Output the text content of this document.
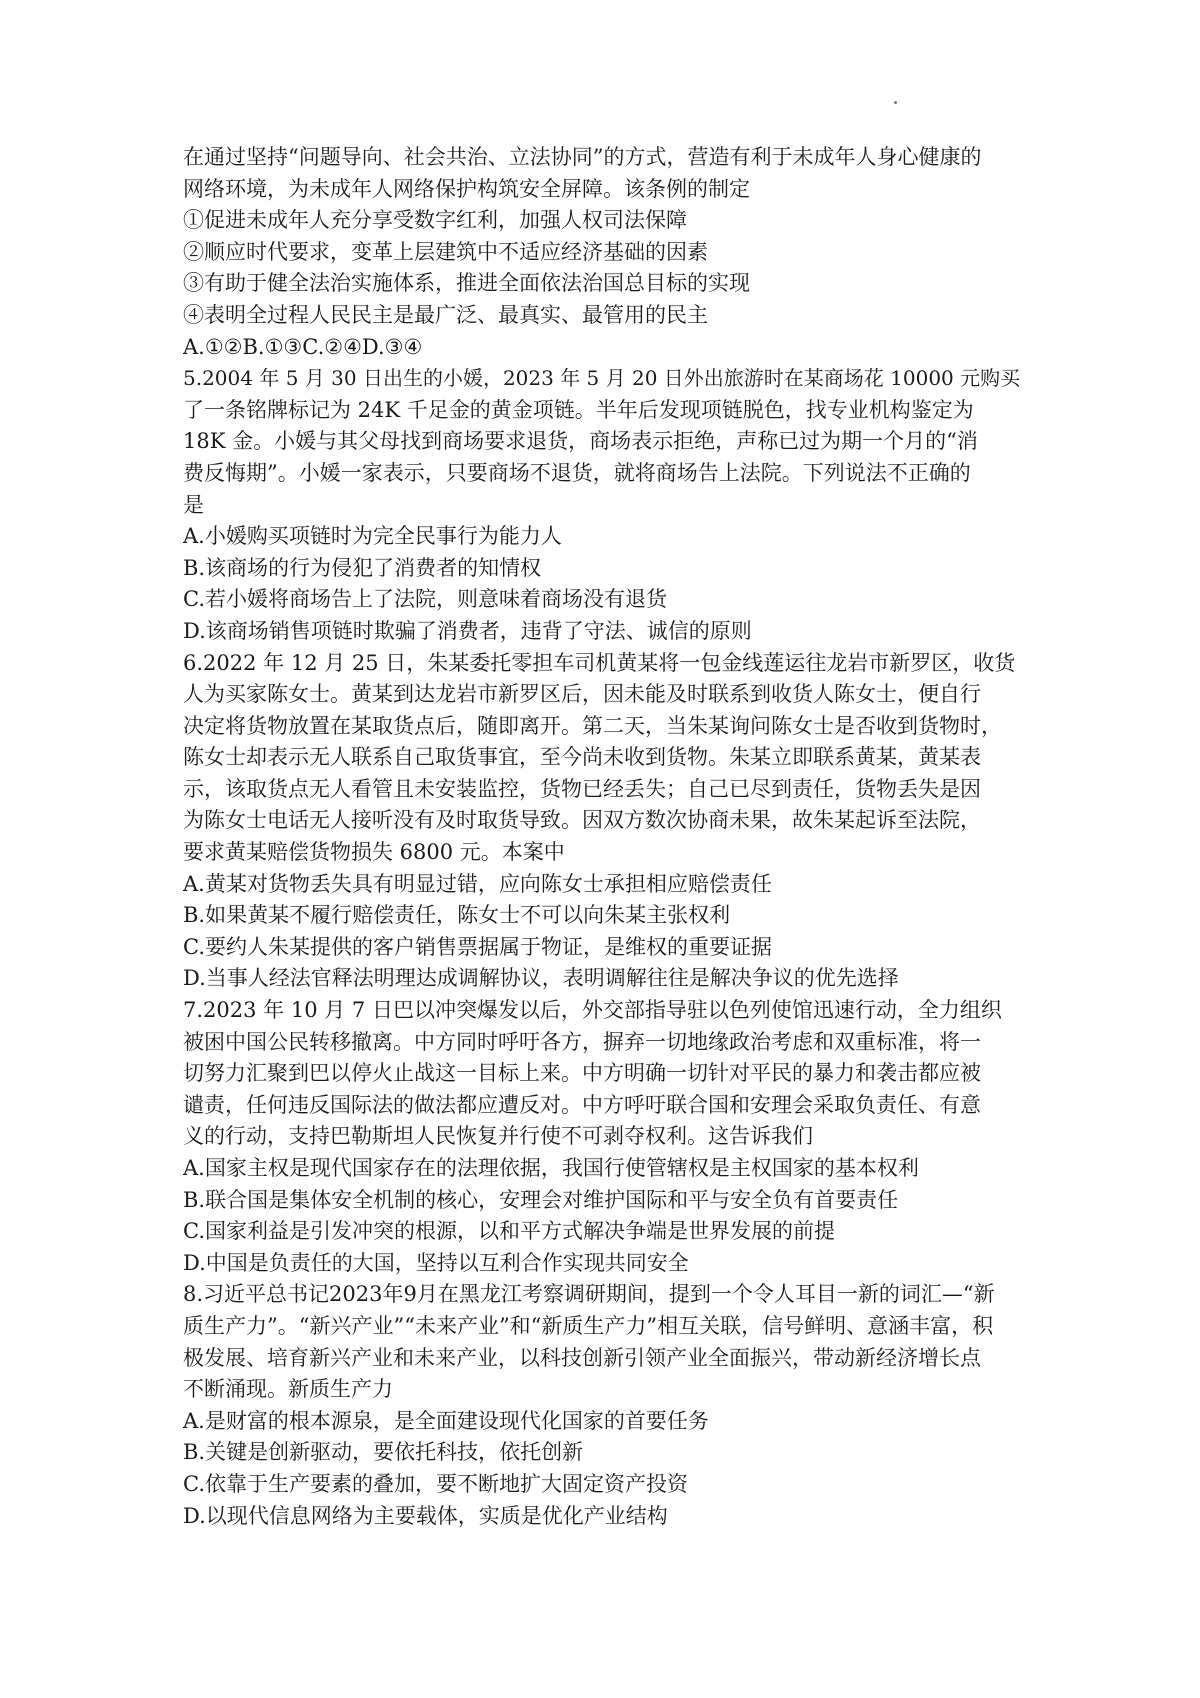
在通过坚持“问题导向、社会共治、立法协同”的方式，营造有利于未成年人身心健康的
网络环境，为未成年人网络保护构筑安全屏障。该条例的制定
①促进未成年人充分享受数字红利，加强人权司法保障
②顺应时代要求，变革上层建筑中不适应经济基础的因素
③有助于健全法治实施体系，推进全面依法治国总目标的实现
④表明全过程人民民主是最广泛、最真实、最管用的民主
A.①②B.①③C.②④D.③④
5.2004 年 5 月 30 日出生的小媛，2023 年 5 月 20 日外出旅游时在某商场花 10000 元购买
了一条铭牌标记为 24K 千足金的黄金项链。半年后发现项链脱色，找专业机构鉴定为
18K 金。小媛与其父母找到商场要求退货，商场表示拒绝，声称已过为期一个月的“消
费反悔期”。小媛一家表示，只要商场不退货，就将商场告上法院。下列说法不正确的
是
A.小媛购买项链时为完全民事行为能力人
B.该商场的行为侵犯了消费者的知情权
C.若小媛将商场告上了法院，则意味着商场没有退货
D.该商场销售项链时欺骗了消费者，违背了守法、诚信的原则
6.2022 年 12 月 25 日，朱某委托零担车司机黄某将一包金线莲运往龙岩市新罗区，收货
人为买家陈女士。黄某到达龙岩市新罗区后，因未能及时联系到收货人陈女士，便自行
决定将货物放置在某取货点后，随即离开。第二天，当朱某询问陈女士是否收到货物时，
陈女士却表示无人联系自己取货事宜，至今尚未收到货物。朱某立即联系黄某，黄某表
示，该取货点无人看管且未安装监控，货物已经丢失；自己已尽到责任，货物丢失是因
为陈女士电话无人接听没有及时取货导致。因双方数次协商未果，故朱某起诉至法院，
要求黄某赔偿货物损失 6800 元。本案中
A.黄某对货物丢失具有明显过错，应向陈女士承担相应赔偿责任
B.如果黄某不履行赔偿责任，陈女士不可以向朱某主张权利
C.要约人朱某提供的客户销售票据属于物证，是维权的重要证据
D.当事人经法官释法明理达成调解协议，表明调解往往是解决争议的优先选择
7.2023 年 10 月 7 日巴以冲突爆发以后，外交部指导驻以色列使馆迅速行动，全力组织
被困中国公民转移撤离。中方同时呼吁各方，摒弃一切地缘政治考虑和双重标准，将一
切努力汇聚到巴以停火止战这一目标上来。中方明确一切针对平民的暴力和袭击都应被
谴责，任何违反国际法的做法都应遭反对。中方呼吁联合国和安理会采取负责任、有意
义的行动，支持巴勒斯坦人民恢复并行使不可剥夺权利。这告诉我们
A.国家主权是现代国家存在的法理依据，我国行使管辖权是主权国家的基本权利
B.联合国是集体安全机制的核心，安理会对维护国际和平与安全负有首要责任
C.国家利益是引发冲突的根源，以和平方式解决争端是世界发展的前提
D.中国是负责任的大国，坚持以互利合作实现共同安全
8.习近平总书记2023年9月在黑龙江考察调研期间，提到一个令人耳目一新的词汇—“新
质生产力”。“新兴产业”“未来产业”和“新质生产力”相互关联，信号鲜明、意涵丰富，积
极发展、培育新兴产业和未来产业，以科技创新引领产业全面振兴，带动新经济增长点
不断涌现。新质生产力
A.是财富的根本源泉，是全面建设现代化国家的首要任务
B.关键是创新驱动，要依托科技，依托创新
C.依靠于生产要素的叠加，要不断地扩大固定资产投资
D.以现代信息网络为主要载体，实质是优化产业结构
